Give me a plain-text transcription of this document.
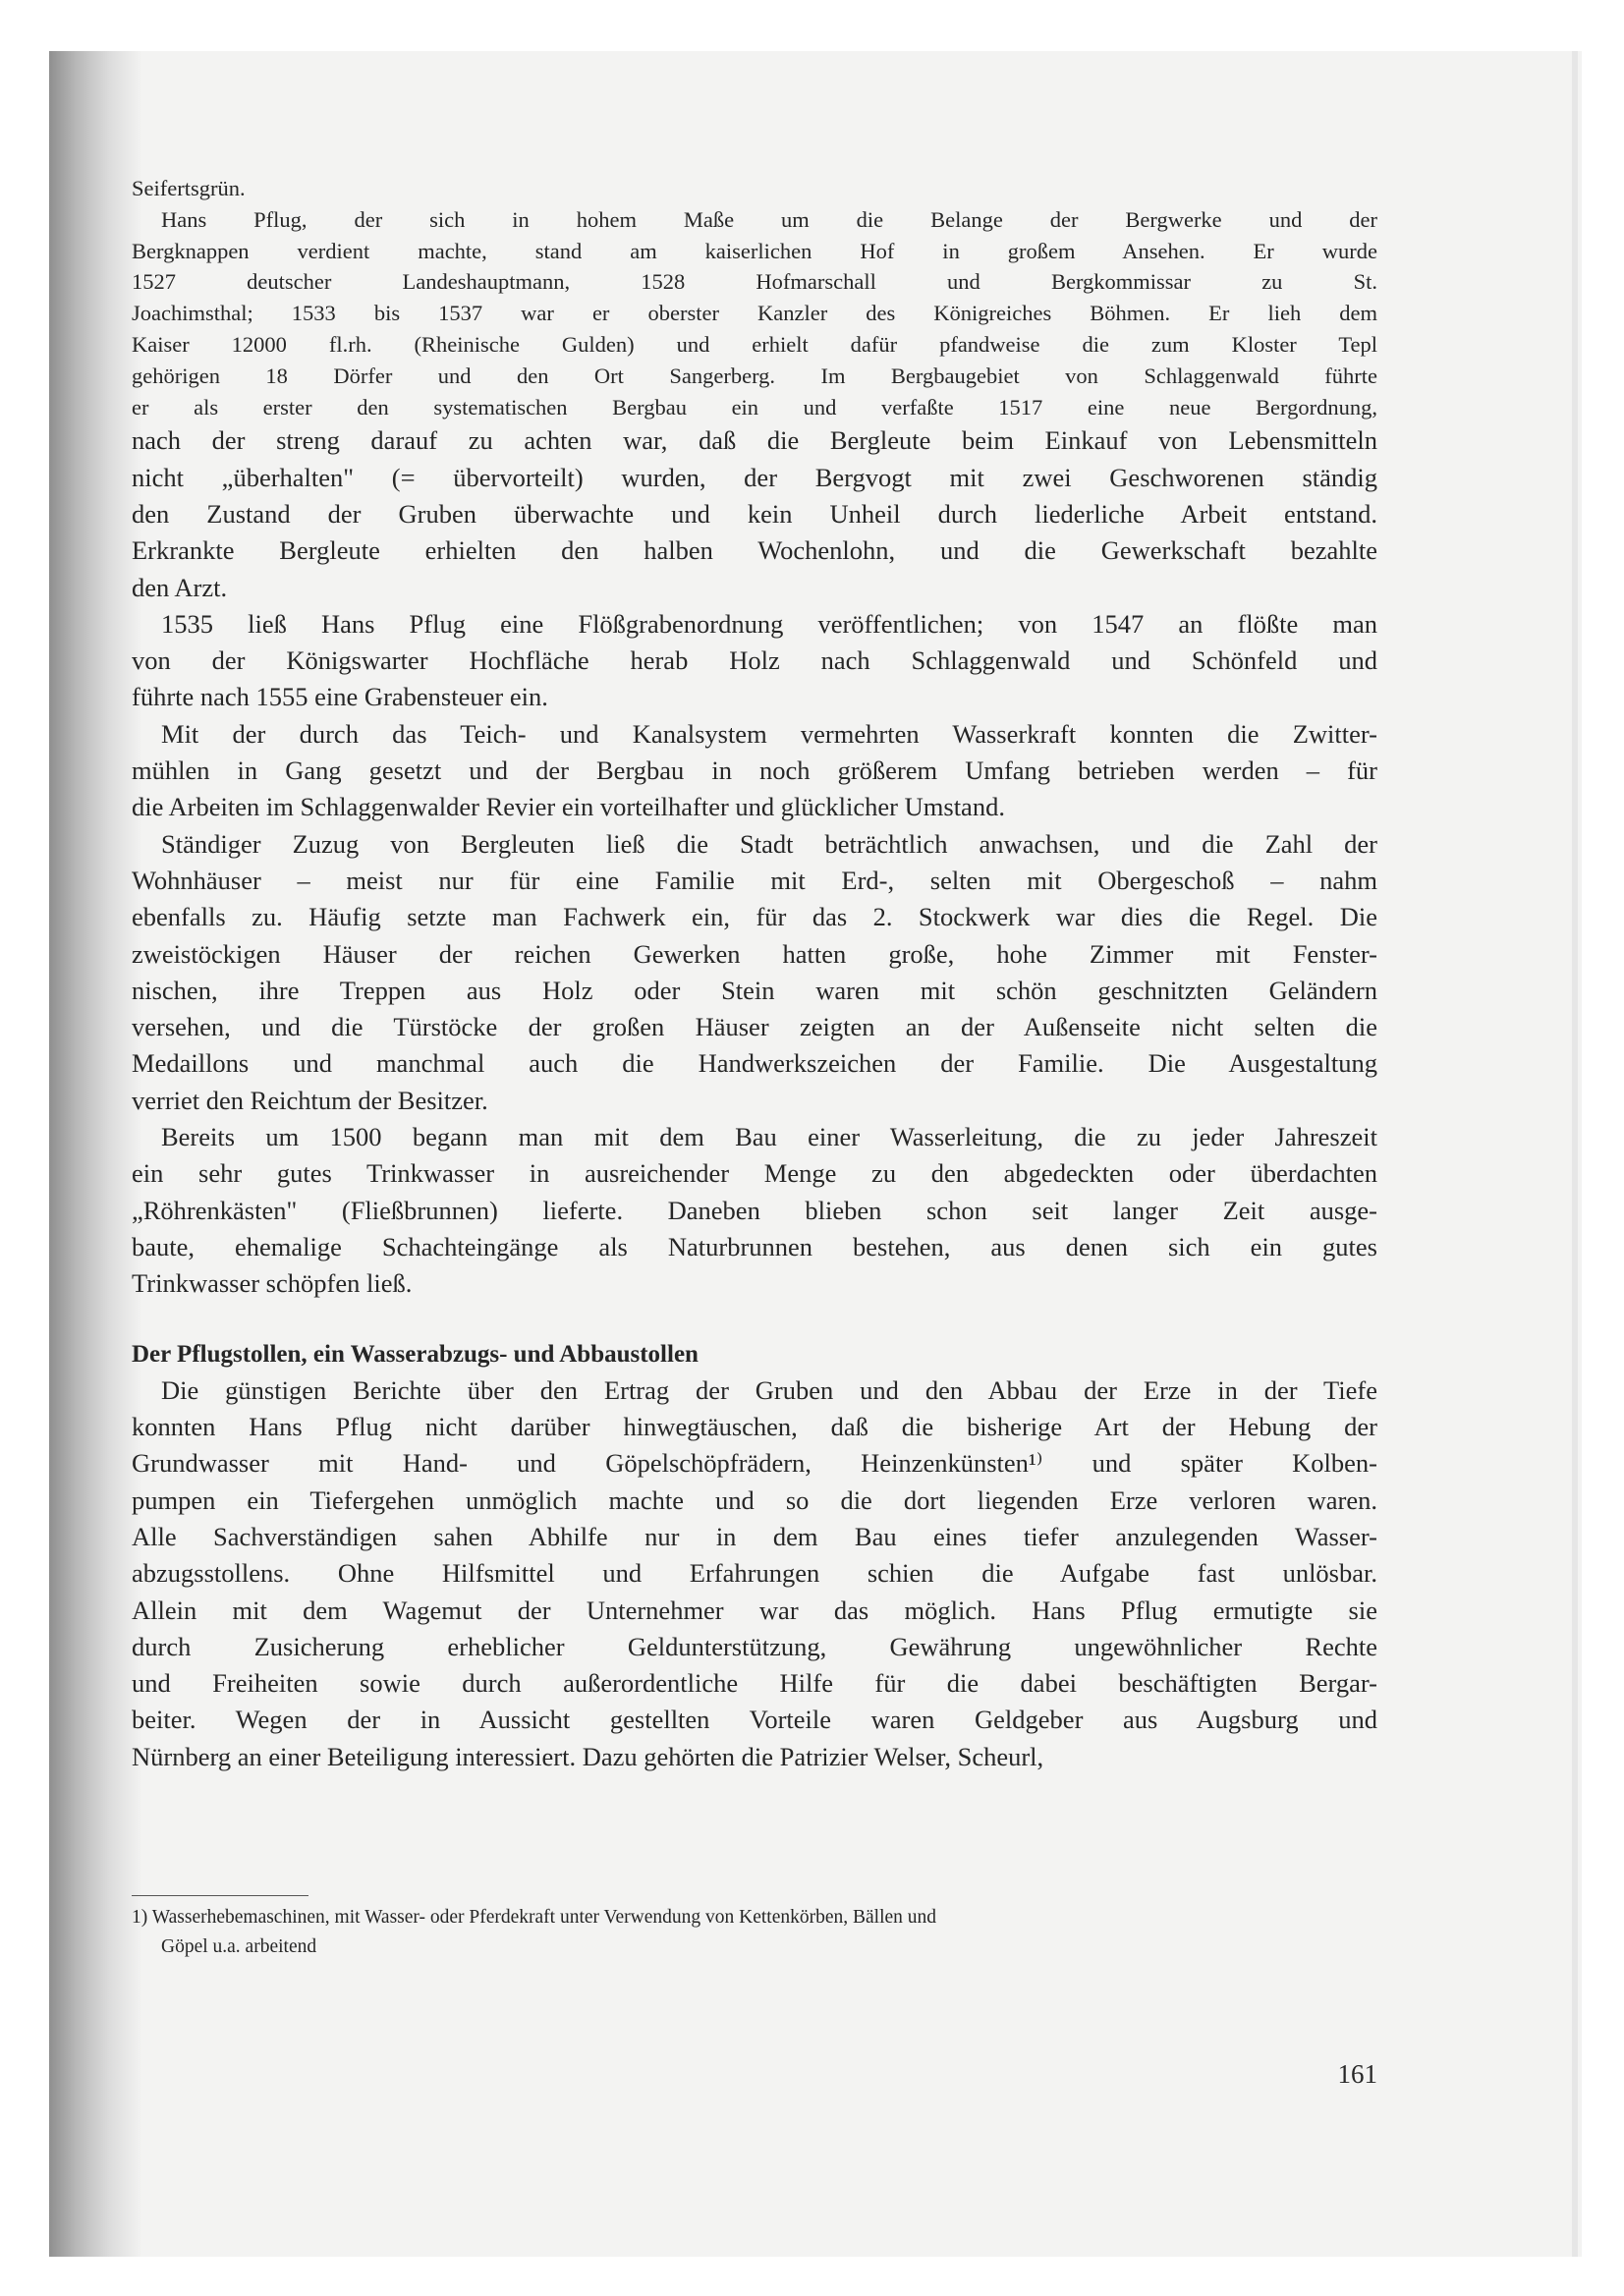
Seifertsgrün.
Hans Pflug, der sich in hohem Maße um die Belange der Bergwerke und der
Bergknappen verdient machte, stand am kaiserlichen Hof in großem Ansehen. Er wurde
1527 deutscher Landeshauptmann, 1528 Hofmarschall und Bergkommissar zu St.
Joachimsthal; 1533 bis 1537 war er oberster Kanzler des Königreiches Böhmen. Er lieh dem
Kaiser 12000 fl.rh. (Rheinische Gulden) und erhielt dafür pfandweise die zum Kloster Tepl
gehörigen 18 Dörfer und den Ort Sangerberg. Im Bergbaugebiet von Schlaggenwald führte
er als erster den systematischen Bergbau ein und verfaßte 1517 eine neue Bergordnung,
nach der streng darauf zu achten war, daß die Bergleute beim Einkauf von Lebensmitteln
nicht „überhalten" (= übervorteilt) wurden, der Bergvogt mit zwei Geschworenen ständig
den Zustand der Gruben überwachte und kein Unheil durch liederliche Arbeit entstand.
Erkrankte Bergleute erhielten den halben Wochenlohn, und die Gewerkschaft bezahlte
den Arzt.
1535 ließ Hans Pflug eine Flößgrabenordnung veröffentlichen; von 1547 an flößte man
von der Königswarter Hochfläche herab Holz nach Schlaggenwald und Schönfeld und
führte nach 1555 eine Grabensteuer ein.
Mit der durch das Teich- und Kanalsystem vermehrten Wasserkraft konnten die Zwitter-
mühlen in Gang gesetzt und der Bergbau in noch größerem Umfang betrieben werden – für
die Arbeiten im Schlaggenwalder Revier ein vorteilhafter und glücklicher Umstand.
Ständiger Zuzug von Bergleuten ließ die Stadt beträchtlich anwachsen, und die Zahl der
Wohnhäuser – meist nur für eine Familie mit Erd-, selten mit Obergeschoß – nahm
ebenfalls zu. Häufig setzte man Fachwerk ein, für das 2. Stockwerk war dies die Regel. Die
zweistöckigen Häuser der reichen Gewerken hatten große, hohe Zimmer mit Fenster-
nischen, ihre Treppen aus Holz oder Stein waren mit schön geschnitzten Geländern
versehen, und die Türstöcke der großen Häuser zeigten an der Außenseite nicht selten die
Medaillons und manchmal auch die Handwerkszeichen der Familie. Die Ausgestaltung
verriet den Reichtum der Besitzer.
Bereits um 1500 begann man mit dem Bau einer Wasserleitung, die zu jeder Jahreszeit
ein sehr gutes Trinkwasser in ausreichender Menge zu den abgedeckten oder überdachten
„Röhrenkästen" (Fließbrunnen) lieferte. Daneben blieben schon seit langer Zeit ausge-
baute, ehemalige Schachteingänge als Naturbrunnen bestehen, aus denen sich ein gutes
Trinkwasser schöpfen ließ.
Der Pflugstollen, ein Wasserabzugs- und Abbaustollen
Die günstigen Berichte über den Ertrag der Gruben und den Abbau der Erze in der Tiefe
konnten Hans Pflug nicht darüber hinwegtäuschen, daß die bisherige Art der Hebung der
Grundwasser mit Hand- und Göpelschöpfrädern, Heinzenkünsten¹⁾ und später Kolben-
pumpen ein Tiefergehen unmöglich machte und so die dort liegenden Erze verloren waren.
Alle Sachverständigen sahen Abhilfe nur in dem Bau eines tiefer anzulegenden Wasser-
abzugsstollens. Ohne Hilfsmittel und Erfahrungen schien die Aufgabe fast unlösbar.
Allein mit dem Wagemut der Unternehmer war das möglich. Hans Pflug ermutigte sie
durch Zusicherung erheblicher Geldunterstützung, Gewährung ungewöhnlicher Rechte
und Freiheiten sowie durch außerordentliche Hilfe für die dabei beschäftigten Bergar-
beiter. Wegen der in Aussicht gestellten Vorteile waren Geldgeber aus Augsburg und
Nürnberg an einer Beteiligung interessiert. Dazu gehörten die Patrizier Welser, Scheurl,
1) Wasserhebemaschinen, mit Wasser- oder Pferdekraft unter Verwendung von Kettenkörben, Bällen und
Göpel u.a. arbeitend
161
